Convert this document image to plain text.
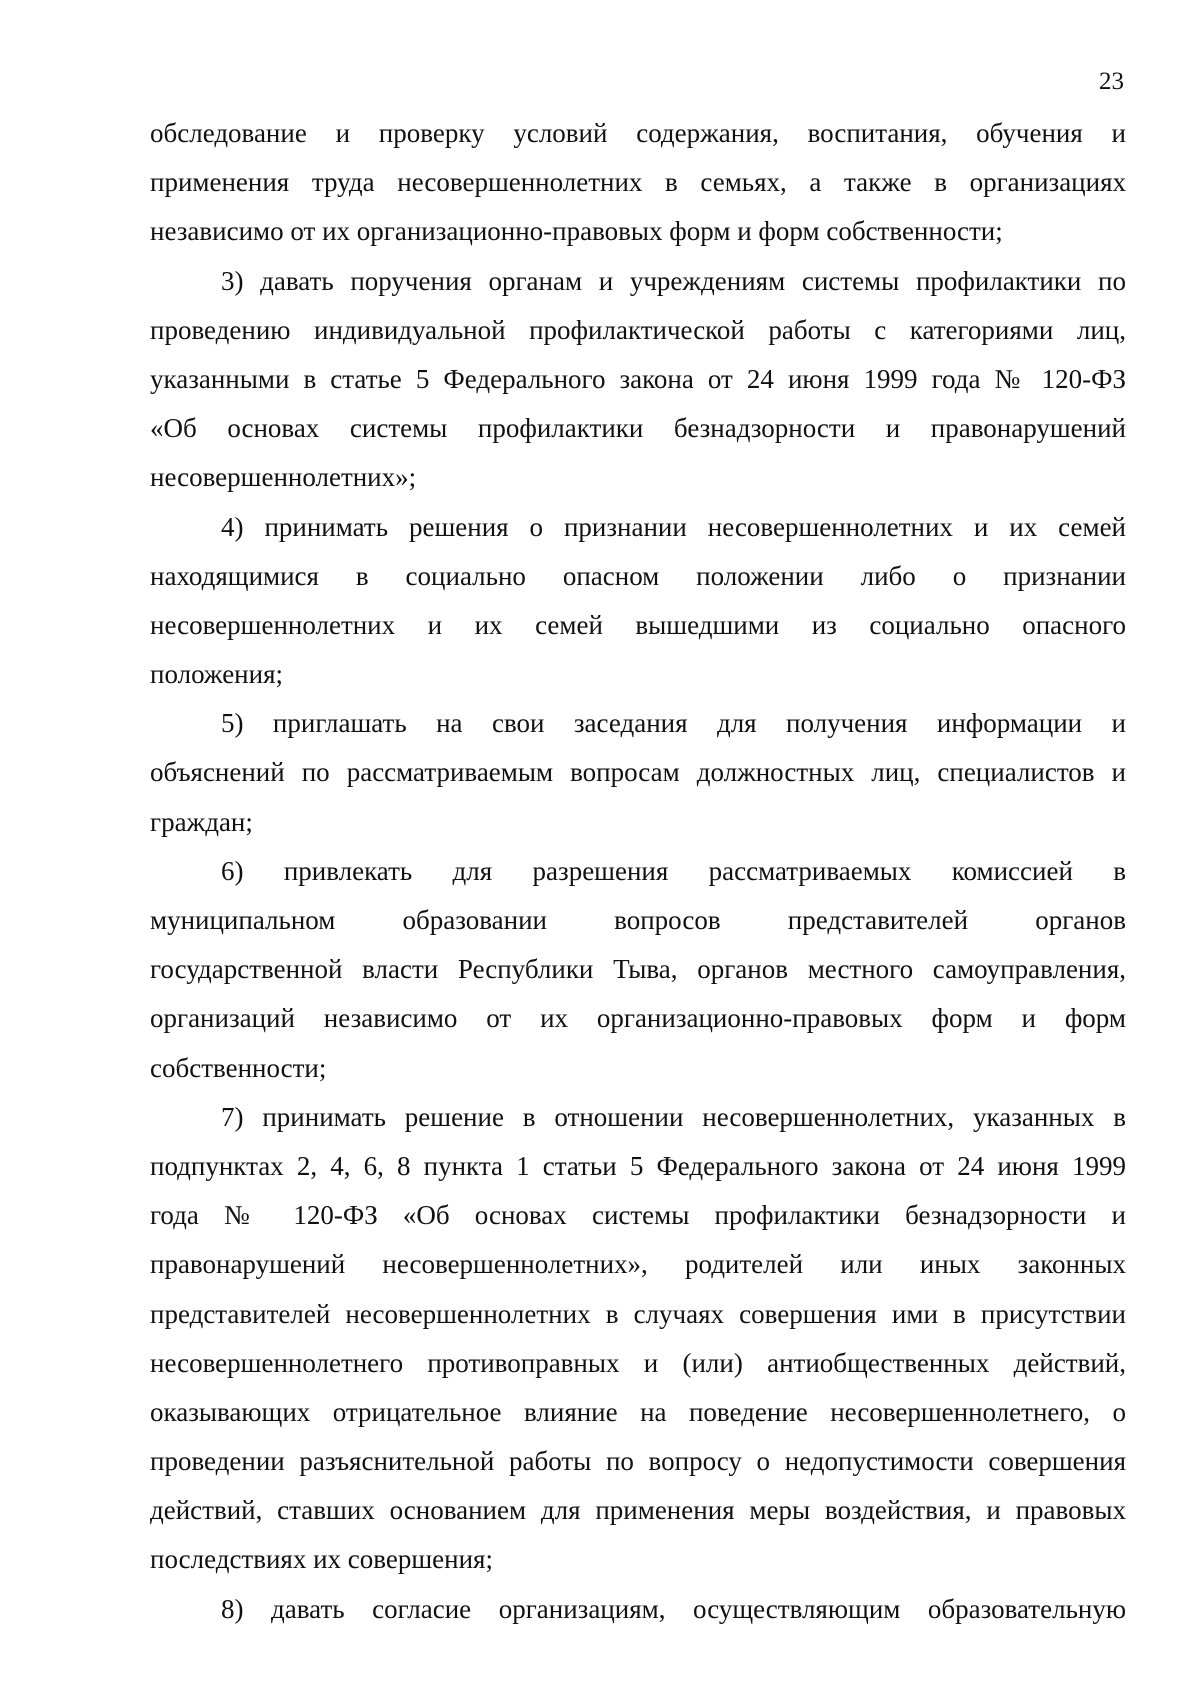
23
обследование и проверку условий содержания, воспитания, обучения и
применения труда несовершеннолетних в семьях, а также в организациях
независимо от их организационно-правовых форм и форм собственности;
3) давать поручения органам и учреждениям системы профилактики по
проведению индивидуальной профилактической работы с категориями лиц,
указанными в статье 5 Федерального закона от 24 июня 1999 года № 120-ФЗ
«Об основах системы профилактики безнадзорности и правонарушений
несовершеннолетних»;
4) принимать решения о признании несовершеннолетних и их семей
находящимися в социально опасном положении либо о признании
несовершеннолетних и их семей вышедшими из социально опасного
положения;
5) приглашать на свои заседания для получения информации и
объяснений по рассматриваемым вопросам должностных лиц, специалистов и
граждан;
6) привлекать для разрешения рассматриваемых комиссией в
муниципальном образовании вопросов представителей органов
государственной власти Республики Тыва, органов местного самоуправления,
организаций независимо от их организационно-правовых форм и форм
собственности;
7) принимать решение в отношении несовершеннолетних, указанных в
подпунктах 2, 4, 6, 8 пункта 1 статьи 5 Федерального закона от 24 июня 1999
года № 120-ФЗ «Об основах системы профилактики безнадзорности и
правонарушений несовершеннолетних», родителей или иных законных
представителей несовершеннолетних в случаях совершения ими в присутствии
несовершеннолетнего противоправных и (или) антиобщественных действий,
оказывающих отрицательное влияние на поведение несовершеннолетнего, о
проведении разъяснительной работы по вопросу о недопустимости совершения
действий, ставших основанием для применения меры воздействия, и правовых
последствиях их совершения;
8) давать согласие организациям, осуществляющим образовательную
